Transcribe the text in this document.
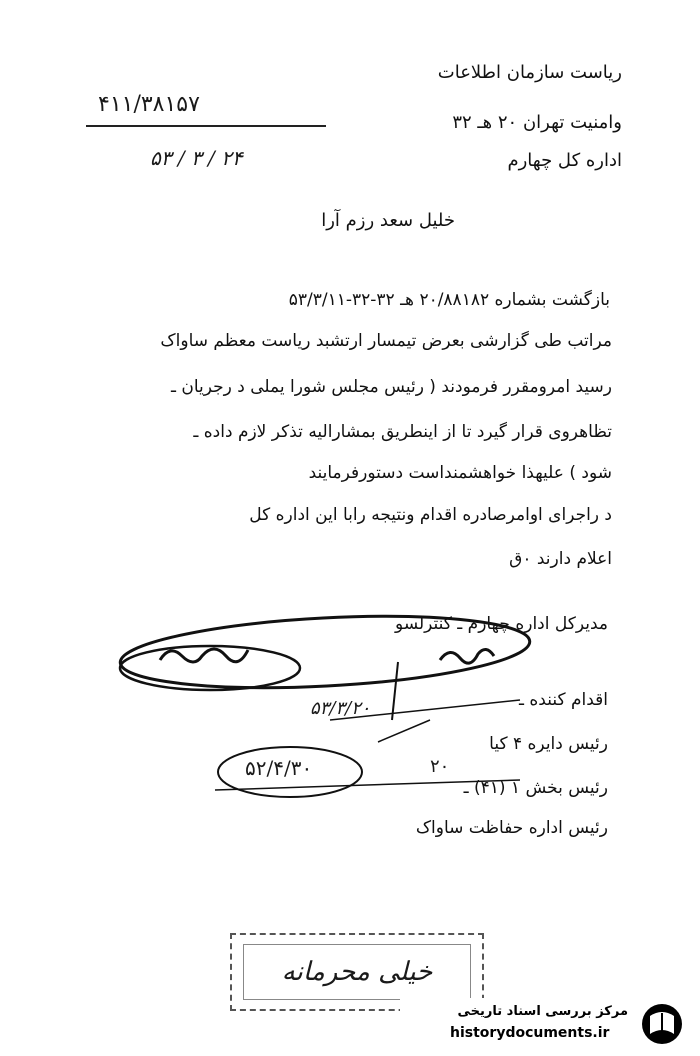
ریاست سازمان اطلاعات
وامنیت تهران ۲۰ هـ ۳۲
اداره کل چهارم
۴۱۱/۳۸۱۵۷
۲۴ / ۳ / ۵۳
خلیل سعد رزم آرا
بازگشت بشماره ۲۰/۸۸۱۸۲ هـ ۳۲-۳۲-۵۳/۳/۱۱
مراتب طی گزارشی بعرض تیمسار ارتشبد ریاست معظم ساواک
رسید امرومقرر فرمودند ( رئیس مجلس شورا یملی د رجریان ـ
تظاهروی قرار گیرد تا از اینطریق بمشارالیه تذکر لازم داده ـ
شود ) علیهذا خواهشمنداست دستورفرمایند
د راجرای اوامرصادره اقدام ونتیجه رابا این اداره کل
اعلام دارند ۰ق
مدیرکل اداره چهارم ـ کنترلسو
اقدام کننده ـ
رئیس دایره ۴ کیا
رئیس بخش ۱ (۴۱) ـ
رئیس اداره حفاظت ساواک
۵۳/۳/۲۰
۵۲/۴/۳۰	۲۰
خیلی محرمانه
مرکز بررسی اسناد تاریخی
historydocuments.ir
